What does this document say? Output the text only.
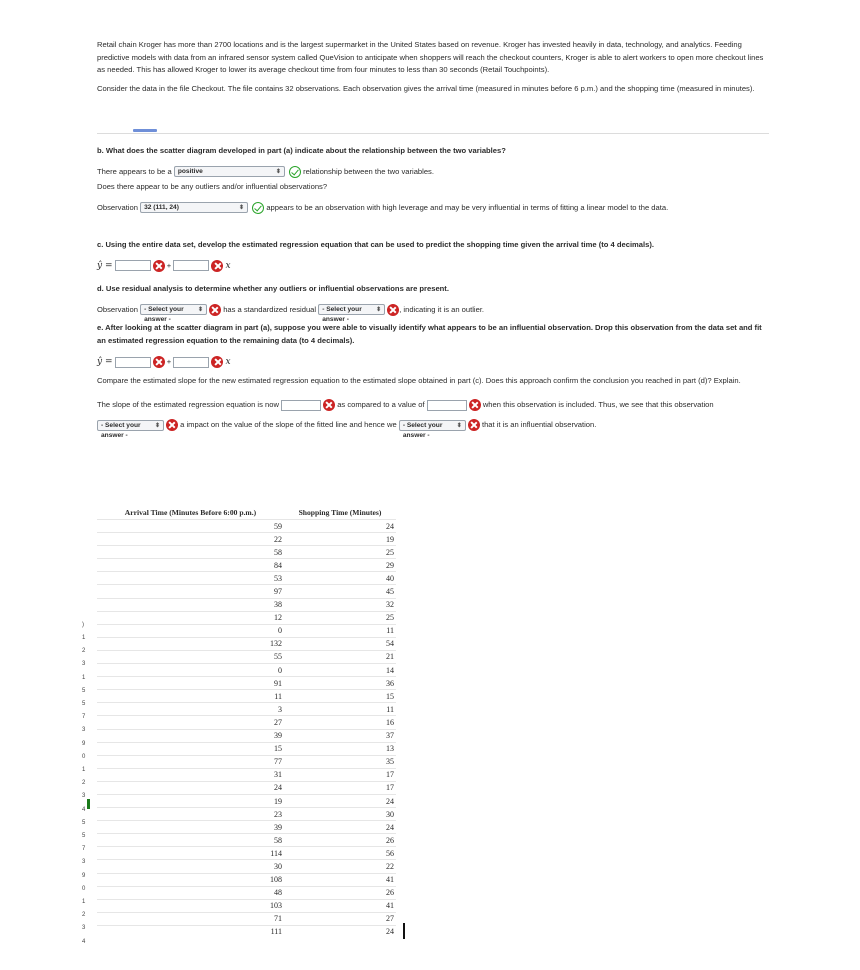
Retail chain Kroger has more than 2700 locations and is the largest supermarket in the United States based on revenue. Kroger has invested heavily in data, technology, and analytics. Feeding predictive models with data from an infrared sensor system called QueVision to anticipate when shoppers will reach the checkout counters, Kroger is able to alert workers to open more checkout lines as needed. This has allowed Kroger to lower its average checkout time from four minutes to less than 30 seconds (Retail Touchpoints).

Consider the data in the file Checkout. The file contains 32 observations. Each observation gives the arrival time (measured in minutes before 6 p.m.) and the shopping time (measured in minutes).

b. What does the scatter diagram developed in part (a) indicate about the relationship between the two variables?

There appears to be a positive	⬍	relationship between the two variables.

Does there appear to be any outliers and/or influential observations?

Observation 32 (111, 24)	⬍	appears to be an observation with high leverage and may be very influential in terms of fitting a linear model to the data.

c. Using the entire data set, develop the estimated regression equation that can be used to predict the shopping time given the arrival time (to 4 decimals).

ŷ =	+	x

d. Use residual analysis to determine whether any outliers or influential observations are present.

Observation - Select your answer -
⬍	has a standardized residual - Select your answer -
⬍ , indicating it is an outlier.

e. After looking at the scatter diagram in part (a), suppose you were able to visually identify what appears to be an influential observation. Drop this observation from the data set and fit an estimated regression equation to the remaining data (to 4 decimals).

ŷ =	+	x

Compare the estimated slope for the new estimated regression equation to the estimated slope obtained in part (c). Does this approach confirm the conclusion you reached in part (d)? Explain.

The slope of the estimated regression equation is now	as compared to a value of	when this observation is included. Thus, we see that this observation - Select your answer -
⬍	a impact on the value of the slope of the fitted line and hence we - Select your answer -
⬍	that it is an influential observation.

)
1
2
3
1
5
5
7
3
9
0
1
2
3
4
5
5
7
3
9
0
1
2
3
4
Arrival Time (Minutes Before 6:00 p.m.)	Shopping Time (Minutes)
59	24
22	19
58	25
84	29
53	40
97	45
38	32
12	25
0	11
132	54
55	21
0	14
91	36
11	15
3	11
27	16
39	37
15	13
77	35
31	17
24	17
19	24
23	30
39	24
58	26
114	56
30	22
108	41
48	26
103	41
71	27
111	24
